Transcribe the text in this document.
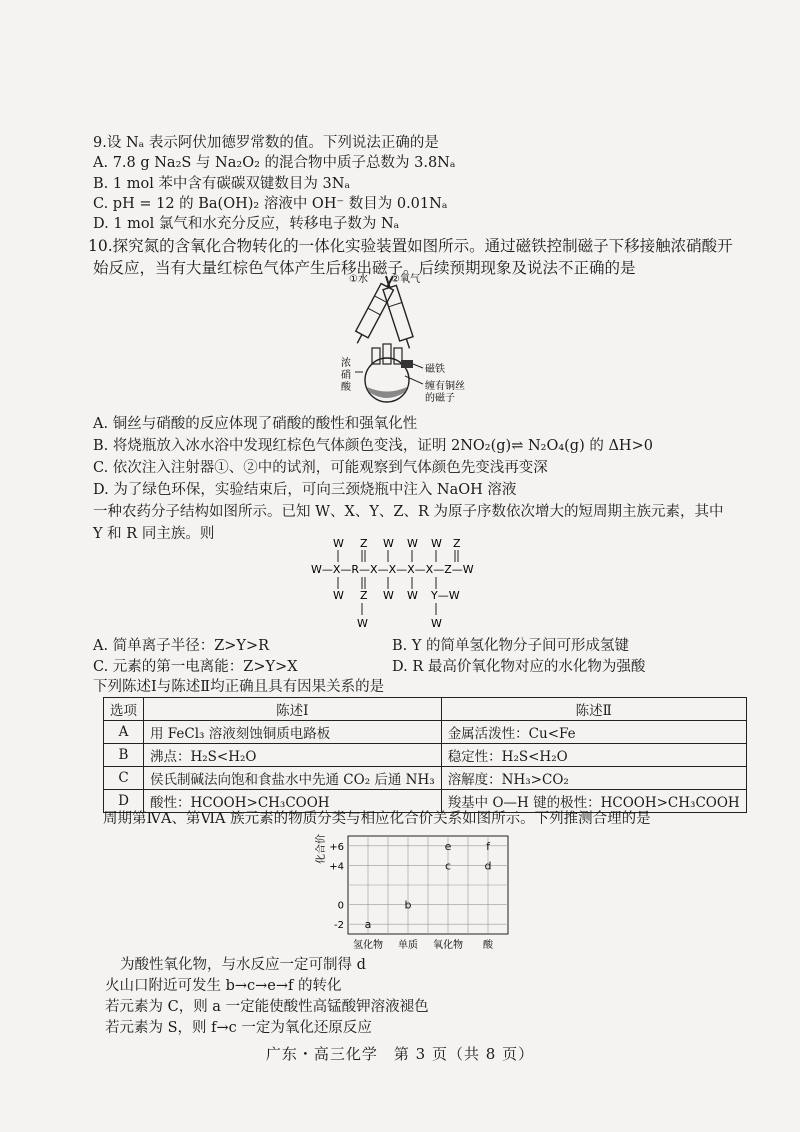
9.设 Nₐ 表示阿伏加德罗常数的值。下列说法正确的是
A. 7.8 g Na₂S 与 Na₂O₂ 的混合物中质子总数为 3.8Nₐ
B. 1 mol 苯中含有碳碳双键数目为 3Nₐ
C. pH = 12 的 Ba(OH)₂ 溶液中 OH⁻ 数目为 0.01Nₐ
D. 1 mol 氯气和水充分反应，转移电子数为 Nₐ
10.探究氮的含氧化合物转化的一体化实验装置如图所示。通过磁铁控制磁子下移接触浓硝酸开
始反应，当有大量红棕色气体产生后移出磁子。后续预期现象及说法不正确的是
①水 ②氧气
浓
硝
酸
磁铁
缠有铜丝
的磁子
A. 铜丝与硝酸的反应体现了硝酸的酸性和强氧化性
B. 将烧瓶放入冰水浴中发现红棕色气体颜色变浅，证明 2NO₂(g)⇌ N₂O₄(g) 的 ΔH>0
C. 依次注入注射器①、②中的试剂，可能观察到气体颜色先变浅再变深
D. 为了绿色环保，实验结束后，可向三颈烧瓶中注入 NaOH 溶液
一种农药分子结构如图所示。已知 W、X、Y、Z、R 为原子序数依次增大的短周期主族元素，其中
Y 和 R 同主族。则
W Z W W W Z
W—X—R—X—X—X—X—Z—W
W Z W W Y—W
W	W
A. 简单离子半径：Z>Y>R	B. Y 的简单氢化物分子间可形成氢键
C. 元素的第一电离能：Z>Y>X	D. R 最高价氧化物对应的水化物为强酸
下列陈述Ⅰ与陈述Ⅱ均正确且具有因果关系的是
选项	陈述Ⅰ	陈述Ⅱ
A	用 FeCl₃ 溶液刻蚀铜质电路板	金属活泼性：Cu<Fe
B	沸点：H₂S<H₂O	稳定性：H₂S<H₂O
C	侯氏制碱法向饱和食盐水中先通 CO₂ 后通 NH₃	溶解度：NH₃>CO₂
D	酸性：HCOOH>CH₃COOH	羧基中 O—H 键的极性：HCOOH>CH₃COOH
周期第ⅣA、第ⅥA 族元素的物质分类与相应化合价关系如图所示。下列推测合理的是
化合价 +6
+4
0
-2
氢化物 单质 氧化物 酸
a
b
c	d
e	f
为酸性氧化物，与水反应一定可制得 d
火山口附近可发生 b→c→e→f 的转化
若元素为 C，则 a 一定能使酸性高锰酸钾溶液褪色
若元素为 S，则 f→c 一定为氧化还原反应
广东・高三化学　第 3 页（共 8 页）
